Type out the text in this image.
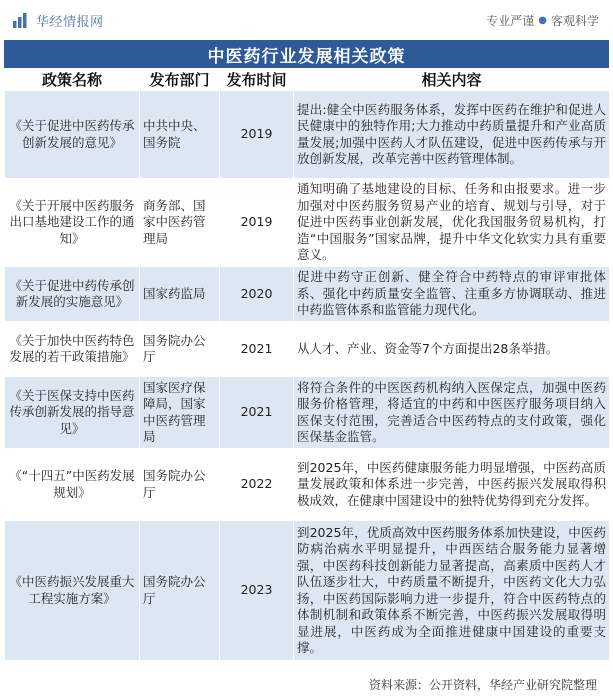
华经情报网	专业严谨 ● 客观科学
中医药行业发展相关政策
政策名称	发布部门	发布时间	相关内容
《关于促进中医药传承创新发展的意见》	中共中央、国务院	2019	提出:健全中医药服务体系，发挥中医药在维护和促进人民健康中的独特作用;大力推动中药质量提升和产业高质量发展;加强中医药人才队伍建设，促进中医药传承与开放创新发展，改革完善中医药管理体制。
《关于开展中医药服务出口基地建设工作的通知》	商务部、国家中医药管理局	2019	通知明确了基地建设的目标、任务和由报要求。进一步加强对中医药服务贸易产业的培育、规划与引导，对于促进中医药事业创新发展，优化我国服务贸易机构，打造“中国服务”国家品牌，提升中华文化软实力具有重要意义。
《关于促进中药传承创新发展的实施意见》	国家药监局	2020	促进中药守正创新、健全符合中药特点的审评审批体系、强化中药质量安全监管、注重多方协调联动、推进中药监管体系和监管能力现代化。
《关于加快中医药特色发展的若干政策措施》	国务院办公厅	2021	从人才、产业、资金等7个方面提出28条举措。
《关于医保支持中医药传承创新发展的指导意见》	国家医疗保障局，国家中医药管理局	2021	将符合条件的中医医药机构纳入医保定点，加强中医药服务价格管理，将适宜的中药和中医医疗服务项目纳入医保支付范围，完善适合中医药特点的支付政策，强化医保基金监管。
《“十四五”中医药发展规划》	国务院办公厅	2022	到2025年，中医药健康服务能力明显增强，中医药高质量发展政策和体系进一步完善，中医药振兴发展取得积极成效，在健康中国建设中的独特优势得到充分发挥。
《中医药振兴发展重大工程实施方案》	国务院办公厅	2023	到2025年，优质高效中医药服务体系加快建设，中医药防病治病水平明显提升，中西医结合服务能力显著增强，中医药科技创新能力显著提高，高素质中医药人才队伍逐步壮大，中药质量不断提升，中医药文化大力弘扬，中医药国际影响力进一步提升，符合中医药特点的体制机制和政策体系不断完善，中医药振兴发展取得明显进展，中医药成为全面推进健康中国建设的重要支撑。
资料来源：公开资料，华经产业研究院整理
